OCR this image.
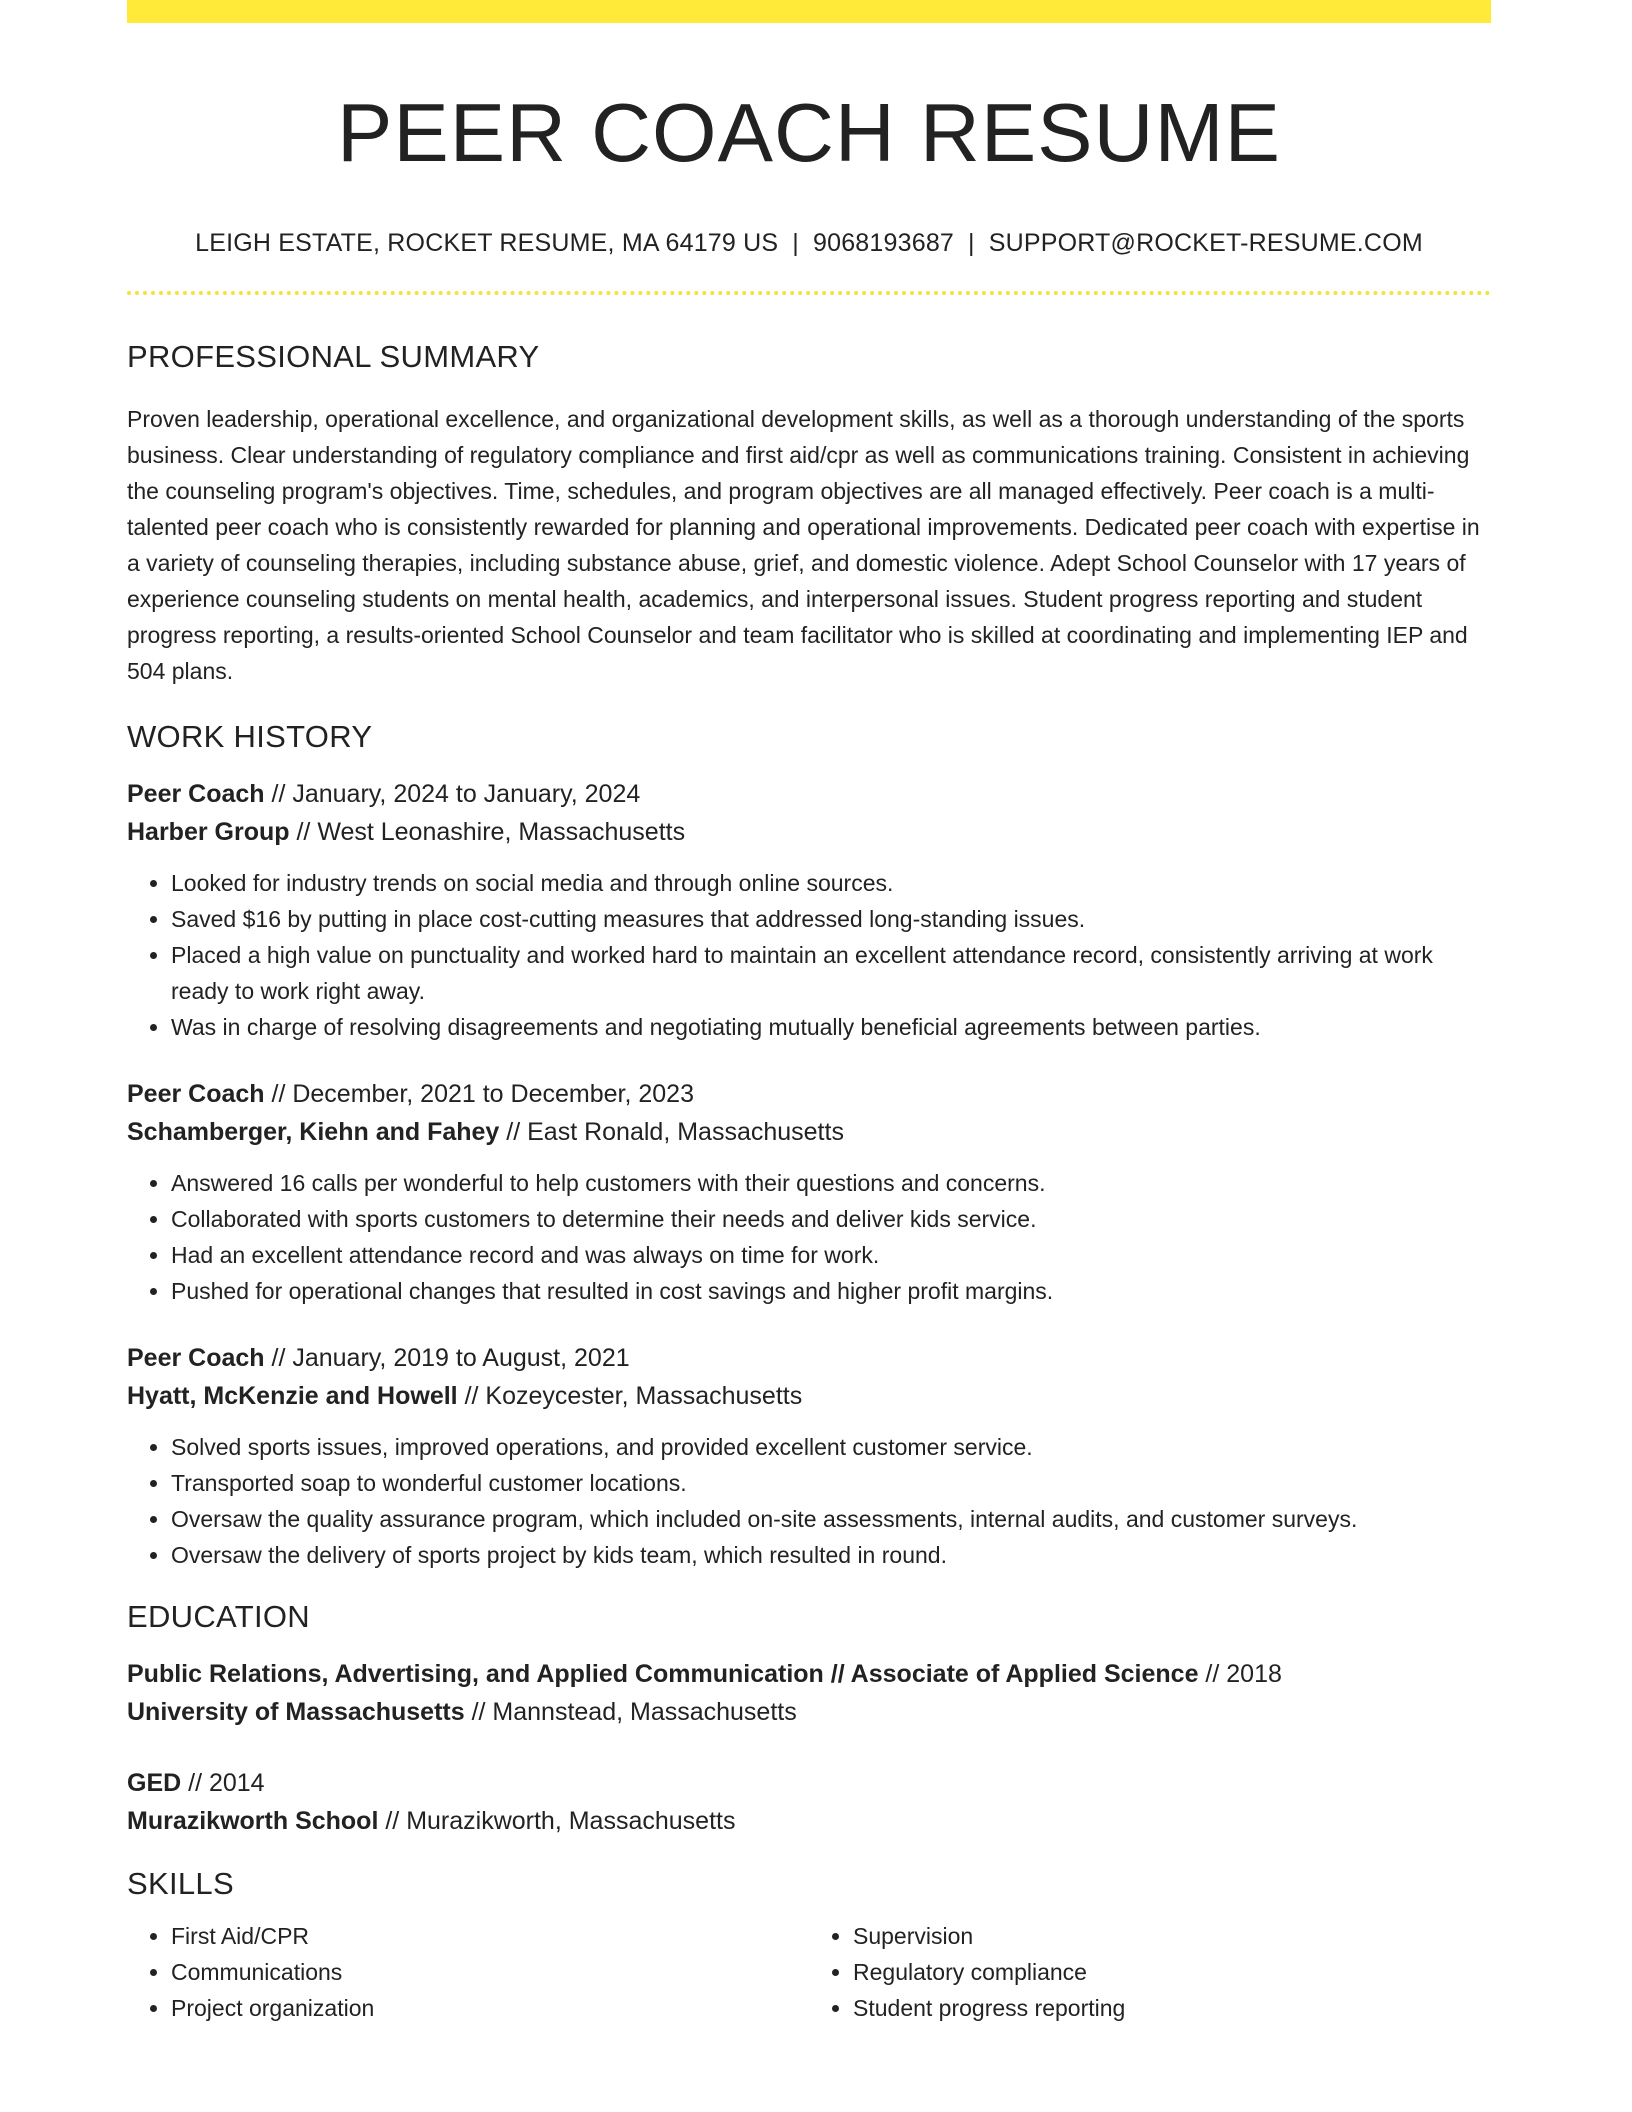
PEER COACH RESUME
LEIGH ESTATE, ROCKET RESUME, MA 64179 US | 9068193687 | SUPPORT@ROCKET-RESUME.COM
PROFESSIONAL SUMMARY

Proven leadership, operational excellence, and organizational development skills, as well as a thorough understanding of the sports business. Clear understanding of regulatory compliance and first aid/cpr as well as communications training. Consistent in achieving the counseling program's objectives. Time, schedules, and program objectives are all managed effectively. Peer coach is a multi-talented peer coach who is consistently rewarded for planning and operational improvements. Dedicated peer coach with expertise in a variety of counseling therapies, including substance abuse, grief, and domestic violence. Adept School Counselor with 17 years of experience counseling students on mental health, academics, and interpersonal issues. Student progress reporting and student progress reporting, a results-oriented School Counselor and team facilitator who is skilled at coordinating and implementing IEP and 504 plans.

WORK HISTORY
Peer Coach // January, 2024 to January, 2024
Harber Group // West Leonashire, Massachusetts
• Looked for industry trends on social media and through online sources.
• Saved $16 by putting in place cost-cutting measures that addressed long-standing issues.
• Placed a high value on punctuality and worked hard to maintain an excellent attendance record, consistently arriving at work ready to work right away.
• Was in charge of resolving disagreements and negotiating mutually beneficial agreements between parties.
Peer Coach // December, 2021 to December, 2023
Schamberger, Kiehn and Fahey // East Ronald, Massachusetts
• Answered 16 calls per wonderful to help customers with their questions and concerns.
• Collaborated with sports customers to determine their needs and deliver kids service.
• Had an excellent attendance record and was always on time for work.
• Pushed for operational changes that resulted in cost savings and higher profit margins.
Peer Coach // January, 2019 to August, 2021
Hyatt, McKenzie and Howell // Kozeycester, Massachusetts
• Solved sports issues, improved operations, and provided excellent customer service.
• Transported soap to wonderful customer locations.
• Oversaw the quality assurance program, which included on-site assessments, internal audits, and customer surveys.
• Oversaw the delivery of sports project by kids team, which resulted in round.
EDUCATION
Public Relations, Advertising, and Applied Communication // Associate of Applied Science // 2018
University of Massachusetts // Mannstead, Massachusetts
GED // 2014
Murazikworth School // Murazikworth, Massachusetts
SKILLS
• First Aid/CPR
• Communications
• Project organization
• Supervision
• Regulatory compliance
• Student progress reporting
